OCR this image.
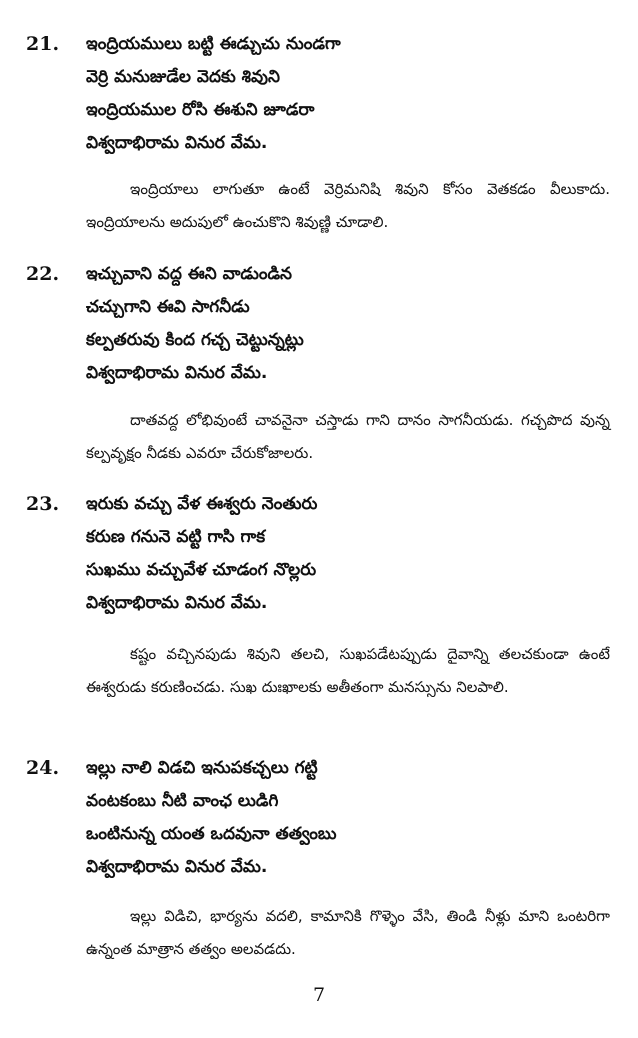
21. ఇంద్రియములు బట్టి ఈడ్చుచు నుండగా
వెర్రి మనుజుడేల వెదకు శివుని
ఇంద్రియముల రోసి ఈశుని జూడరా
విశ్వదాభిరామ వినుర వేమ.
ఇంద్రియాలు లాగుతూ ఉంటే వెర్రిమనిషి శివుని కోసం వెతకడం వీలుకాదు. ఇంద్రియాలను అదుపులో ఉంచుకొని శివుణ్ణి చూడాలి.
22. ఇచ్చువాని వద్ద ఈని వాడుండిన
చచ్చుగాని ఈవి సాగనీడు
కల్పతరువు కింద గచ్చ చెట్టున్నట్లు
విశ్వదాభిరామ వినుర వేమ.
దాతవద్ద లోభివుంటే చావనైనా చస్తాడు గాని దానం సాగనీయడు. గచ్చపొద వున్న కల్పవృక్షం నీడకు ఎవరూ చేరుకోజాలరు.
23. ఇరుకు వచ్చు వేళ ఈశ్వరు నెంతురు
కరుణ గనునె వట్టి గాసి గాక
సుఖము వచ్చువేళ చూడంగ నొల్లరు
విశ్వదాభిరామ వినుర వేమ.
కష్టం వచ్చినపుడు శివుని తలచి, సుఖపడేటప్పుడు దైవాన్ని తలచకుండా ఉంటే ఈశ్వరుడు కరుణించడు. సుఖ దుఃఖాలకు అతీతంగా మనస్సును నిలపాలి.
24. ఇల్లు నాలి విడచి ఇనుపకచ్చలు గట్టి
వంటకంబు నీటి వాంఛ లుడిగి
ఒంటినున్న యంత ఒదవునా తత్వంబు
విశ్వదాభిరామ వినుర వేమ.
ఇల్లు విడిచి, భార్యను వదలి, కామానికి గొళ్ళెం వేసి, తిండి నీళ్లు మాని ఒంటరిగా ఉన్నంత మాత్రాన తత్వం అలవడదు.
7
